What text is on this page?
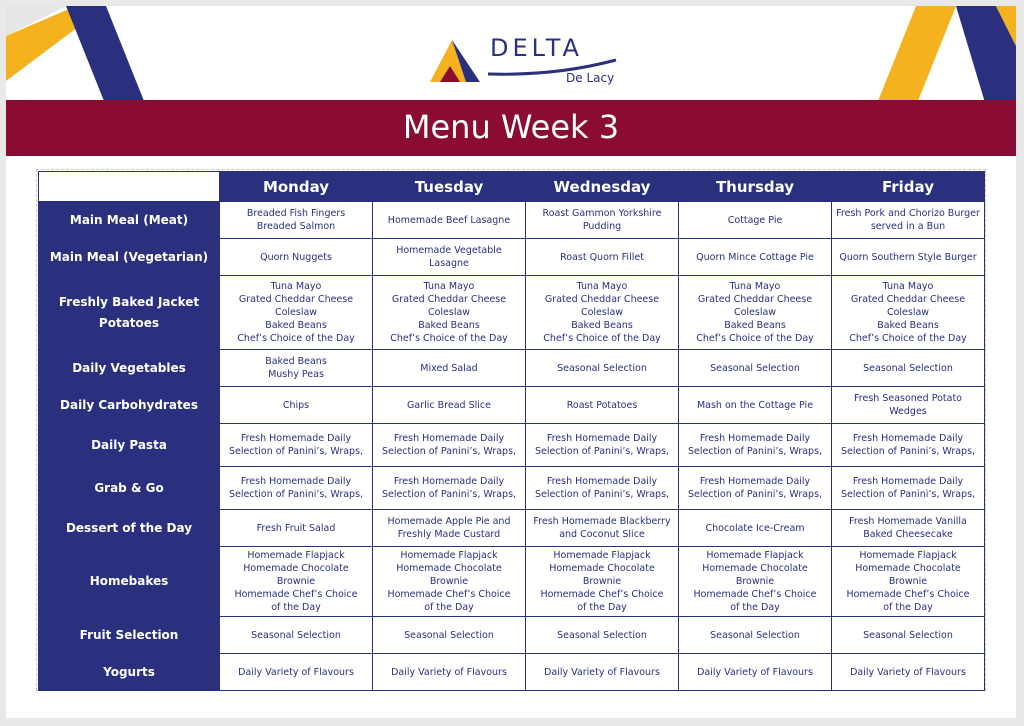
DELTA
De Lacy
Menu Week 3
	Monday	Tuesday	Wednesday	Thursday	Friday
Main Meal (Meat)	Breaded Fish Fingers
Breaded Salmon	Homemade Beef Lasagne	Roast Gammon Yorkshire
Pudding	Cottage Pie	Fresh Pork and Chorizo Burger
served in a Bun

Main Meal (Vegetarian)	Quorn Nuggets	Homemade Vegetable
Lasagne	Roast Quorn Fillet	Quorn Mince Cottage Pie	Quorn Southern Style Burger

Freshly Baked Jacket Potatoes	Tuna Mayo
Grated Cheddar Cheese
Coleslaw
Baked Beans
Chef’s Choice of the Day	Tuna Mayo
Grated Cheddar Cheese
Coleslaw
Baked Beans
Chef’s Choice of the Day	Tuna Mayo
Grated Cheddar Cheese
Coleslaw
Baked Beans
Chef’s Choice of the Day	Tuna Mayo
Grated Cheddar Cheese
Coleslaw
Baked Beans
Chef’s Choice of the Day	Tuna Mayo
Grated Cheddar Cheese
Coleslaw
Baked Beans
Chef’s Choice of the Day

Daily Vegetables	Baked Beans
Mushy Peas	Mixed Salad	Seasonal Selection	Seasonal Selection	Seasonal Selection

Daily Carbohydrates	Chips	Garlic Bread Slice	Roast Potatoes	Mash on the Cottage Pie	Fresh Seasoned Potato
Wedges

Daily Pasta	Fresh Homemade Daily
Selection of Panini’s, Wraps,	Fresh Homemade Daily
Selection of Panini’s, Wraps,	Fresh Homemade Daily
Selection of Panini’s, Wraps,	Fresh Homemade Daily
Selection of Panini’s, Wraps,	Fresh Homemade Daily
Selection of Panini’s, Wraps,

Grab & Go	Fresh Homemade Daily
Selection of Panini’s, Wraps,	Fresh Homemade Daily
Selection of Panini’s, Wraps,	Fresh Homemade Daily
Selection of Panini’s, Wraps,	Fresh Homemade Daily
Selection of Panini’s, Wraps,	Fresh Homemade Daily
Selection of Panini’s, Wraps,

Dessert of the Day	Fresh Fruit Salad	Homemade Apple Pie and
Freshly Made Custard	Fresh Homemade Blackberry
and Coconut Slice	Chocolate Ice-Cream	Fresh Homemade Vanilla
Baked Cheesecake

Homebakes	Homemade Flapjack
Homemade Chocolate
Brownie
Homemade Chef’s Choice
of the Day	Homemade Flapjack
Homemade Chocolate
Brownie
Homemade Chef’s Choice
of the Day	Homemade Flapjack
Homemade Chocolate
Brownie
Homemade Chef’s Choice
of the Day	Homemade Flapjack
Homemade Chocolate
Brownie
Homemade Chef’s Choice
of the Day	Homemade Flapjack
Homemade Chocolate
Brownie
Homemade Chef’s Choice
of the Day

Fruit Selection	Seasonal Selection	Seasonal Selection	Seasonal Selection	Seasonal Selection	Seasonal Selection

Yogurts	Daily Variety of Flavours	Daily Variety of Flavours	Daily Variety of Flavours	Daily Variety of Flavours	Daily Variety of Flavours
